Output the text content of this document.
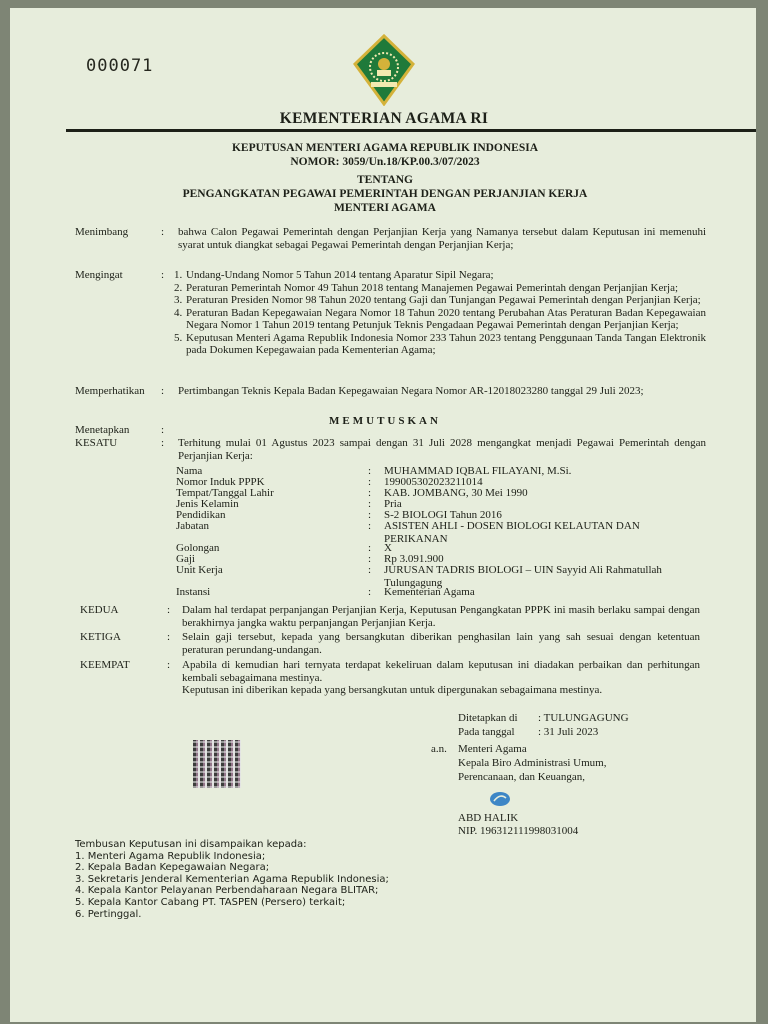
000071
KEMENTERIAN AGAMA RI
KEPUTUSAN MENTERI AGAMA REPUBLIK INDONESIA
NOMOR: 3059/Un.18/KP.00.3/07/2023
TENTANG
PENGANGKATAN PEGAWAI PEMERINTAH DENGAN PERJANJIAN KERJA
MENTERI AGAMA
Menimbang	: bahwa Calon Pegawai Pemerintah dengan Perjanjian Kerja yang Namanya tersebut dalam Keputusan ini memenuhi syarat untuk diangkat sebagai Pegawai Pemerintah dengan Perjanjian Kerja;
Mengingat	: 1. Undang-Undang Nomor 5 Tahun 2014 tentang Aparatur Sipil Negara;
2. Peraturan Pemerintah Nomor 49 Tahun 2018 tentang Manajemen Pegawai Pemerintah dengan Perjanjian Kerja;
3. Peraturan Presiden Nomor 98 Tahun 2020 tentang Gaji dan Tunjangan Pegawai Pemerintah dengan Perjanjian Kerja;
4. Peraturan Badan Kepegawaian Negara Nomor 18 Tahun 2020 tentang Perubahan Atas Peraturan Badan Kepegawaian Negara Nomor 1 Tahun 2019 tentang Petunjuk Teknis Pengadaan Pegawai Pemerintah dengan Perjanjian Kerja;
5. Keputusan Menteri Agama Republik Indonesia Nomor 233 Tahun 2023 tentang Penggunaan Tanda Tangan Elektronik pada Dokumen Kepegawaian pada Kementerian Agama;
Memperhatikan : Pertimbangan Teknis Kepala Badan Kepegawaian Negara Nomor AR-12018023280 tanggal 29 Juli 2023;
MEMUTUSKAN
Menetapkan	:
KESATU	: Terhitung mulai 01 Agustus 2023 sampai dengan 31 Juli 2028 mengangkat menjadi Pegawai Pemerintah dengan Perjanjian Kerja:
Nama	: MUHAMMAD IQBAL FILAYANI, M.Si.
Nomor Induk PPPK	: 199005302023211014
Tempat/Tanggal Lahir	: KAB. JOMBANG, 30 Mei 1990
Jenis Kelamin	: Pria
Pendidikan	: S-2 BIOLOGI Tahun 2016
Jabatan	: ASISTEN AHLI - DOSEN BIOLOGI KELAUTAN DAN PERIKANAN
Golongan	: X
Gaji	: Rp 3.091.900
Unit Kerja	: JURUSAN TADRIS BIOLOGI – UIN Sayyid Ali Rahmatullah Tulungagung
Instansi	: Kementerian Agama
KEDUA	: Dalam hal terdapat perpanjangan Perjanjian Kerja, Keputusan Pengangkatan PPPK ini masih berlaku sampai dengan berakhirnya jangka waktu perpanjangan Perjanjian Kerja.
KETIGA	: Selain gaji tersebut, kepada yang bersangkutan diberikan penghasilan lain yang sah sesuai dengan ketentuan peraturan perundang-undangan.
KEEMPAT	: Apabila di kemudian hari ternyata terdapat kekeliruan dalam keputusan ini diadakan perbaikan dan perhitungan kembali sebagaimana mestinya.
Keputusan ini diberikan kepada yang bersangkutan untuk dipergunakan sebagaimana mestinya.
Ditetapkan di : TULUNGAGUNG
Pada tanggal : 31 Juli 2023
a.n. Menteri Agama
Kepala Biro Administrasi Umum,
Perencanaan, dan Keuangan,
ABD HALIK
NIP. 196312111998031004
Tembusan Keputusan ini disampaikan kepada:
1. Menteri Agama Republik Indonesia;
2. Kepala Badan Kepegawaian Negara;
3. Sekretaris Jenderal Kementerian Agama Republik Indonesia;
4. Kepala Kantor Pelayanan Perbendaharaan Negara BLITAR;
5. Kepala Kantor Cabang PT. TASPEN (Persero) terkait;
6. Pertinggal.
